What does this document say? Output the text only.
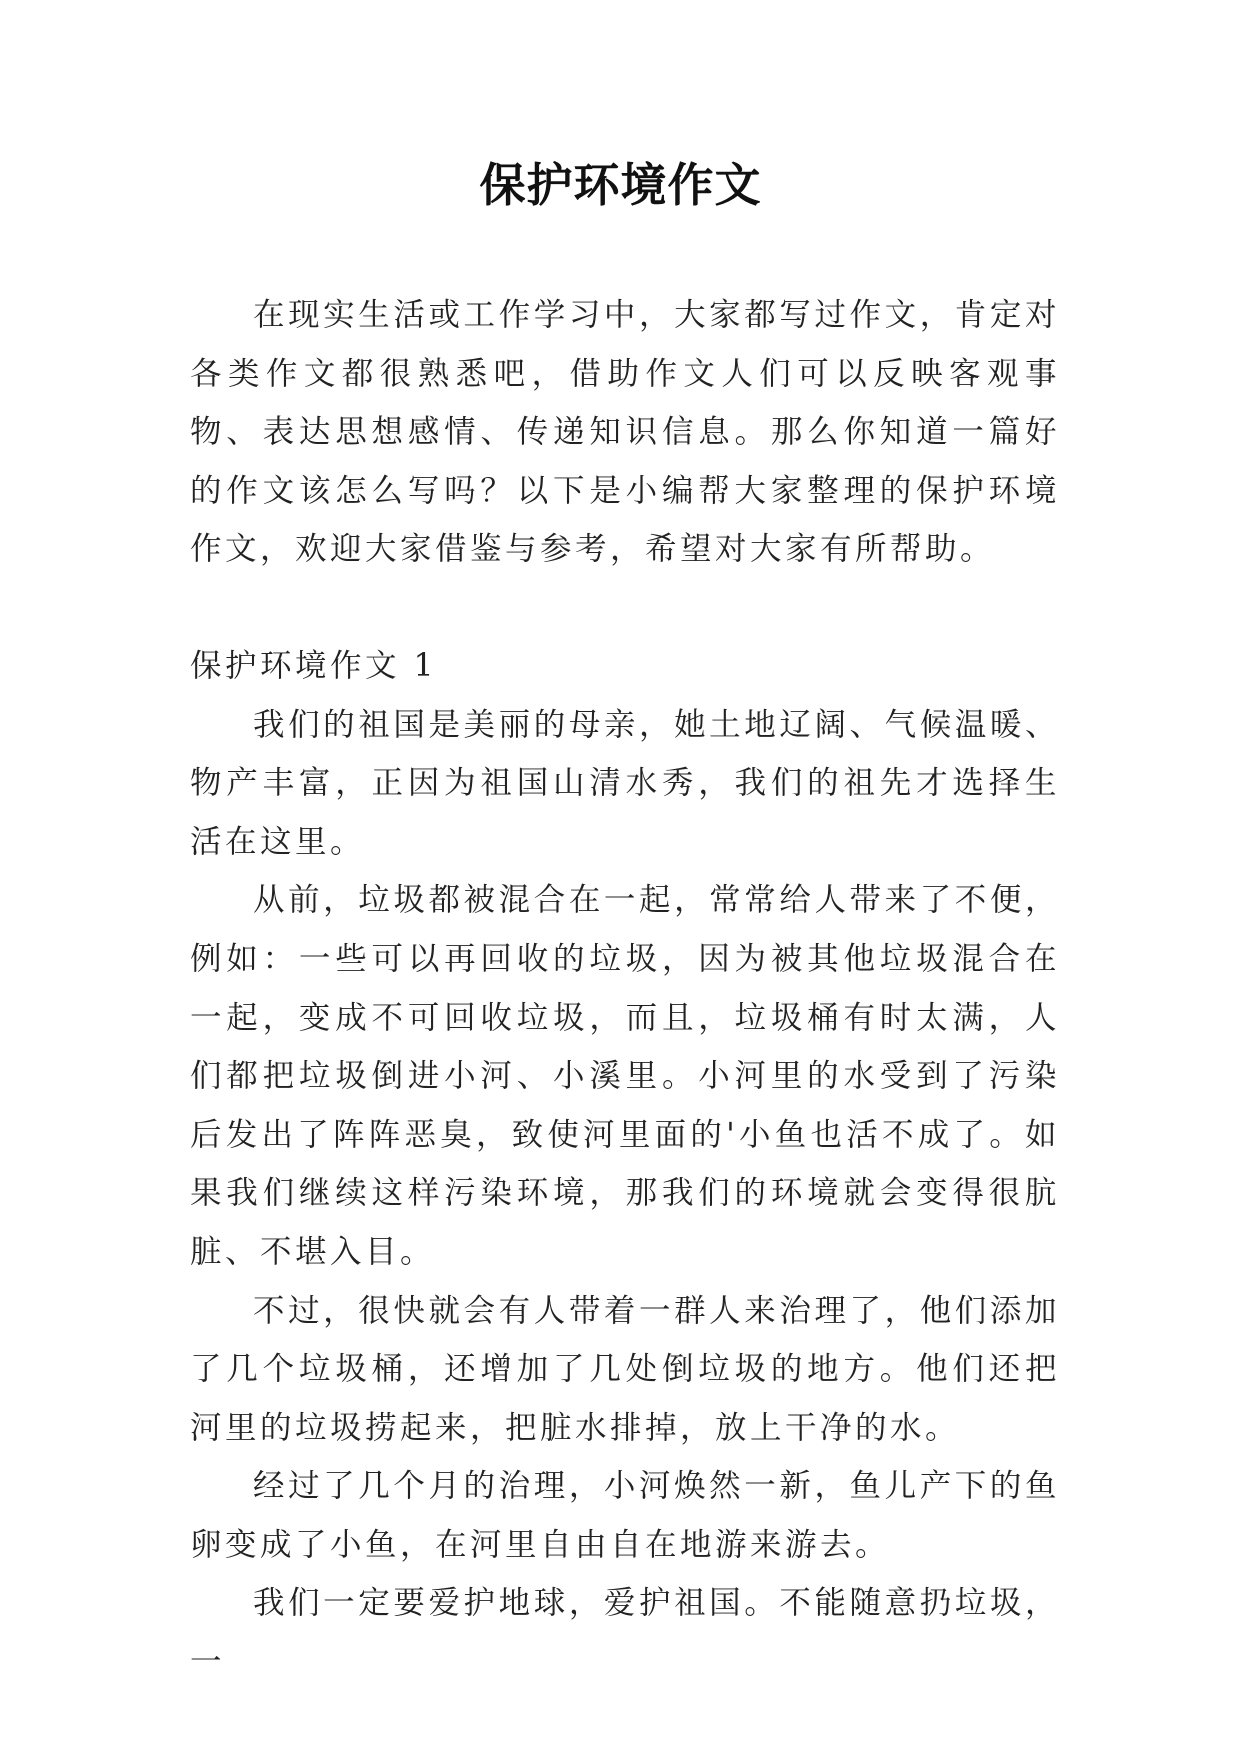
保护环境作文

在现实生活或工作学习中，大家都写过作文，肯定对各类作文都很熟悉吧，借助作文人们可以反映客观事物、表达思想感情、传递知识信息。那么你知道一篇好的作文该怎么写吗？以下是小编帮大家整理的保护环境作文，欢迎大家借鉴与参考，希望对大家有所帮助。

保护环境作文 1

我们的祖国是美丽的母亲，她土地辽阔、气候温暖、物产丰富，正因为祖国山清水秀，我们的祖先才选择生活在这里。

从前，垃圾都被混合在一起，常常给人带来了不便，例如：一些可以再回收的垃圾，因为被其他垃圾混合在一起，变成不可回收垃圾，而且，垃圾桶有时太满，人们都把垃圾倒进小河、小溪里。小河里的水受到了污染后发出了阵阵恶臭，致使河里面的'小鱼也活不成了。如果我们继续这样污染环境，那我们的环境就会变得很肮脏、不堪入目。

不过，很快就会有人带着一群人来治理了，他们添加了几个垃圾桶，还增加了几处倒垃圾的地方。他们还把河里的垃圾捞起来，把脏水排掉，放上干净的水。

经过了几个月的治理，小河焕然一新，鱼儿产下的鱼卵变成了小鱼，在河里自由自在地游来游去。

我们一定要爱护地球，爱护祖国。不能随意扔垃圾，一
